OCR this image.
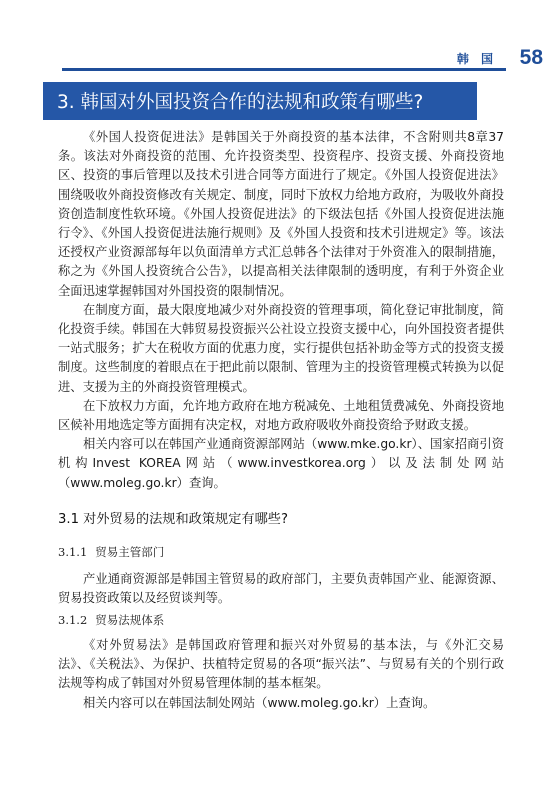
韩 国 58
3. 韩国对外国投资合作的法规和政策有哪些?

《外国人投资促进法》是韩国关于外商投资的基本法律，不含附则共8章37条。该法对外商投资的范围、允许投资类型、投资程序、投资支援、外商投资地区、投资的事后管理以及技术引进合同等方面进行了规定。《外国人投资促进法》围绕吸收外商投资修改有关规定、制度，同时下放权力给地方政府，为吸收外商投资创造制度性软环境。《外国人投资促进法》的下级法包括《外国人投资促进法施行令》、《外国人投资促进法施行规则》及《外国人投资和技术引进规定》等。该法还授权产业资源部每年以负面清单方式汇总韩各个法律对于外资准入的限制措施，称之为《外国人投资统合公告》，以提高相关法律限制的透明度，有利于外资企业全面迅速掌握韩国对外国投资的限制情况。

在制度方面，最大限度地减少对外商投资的管理事项，简化登记审批制度，简化投资手续。韩国在大韩贸易投资振兴公社设立投资支援中心，向外国投资者提供一站式服务；扩大在税收方面的优惠力度，实行提供包括补助金等方式的投资支援制度。这些制度的着眼点在于把此前以限制、管理为主的投资管理模式转换为以促进、支援为主的外商投资管理模式。

在下放权力方面，允许地方政府在地方税减免、土地租赁费减免、外商投资地区候补用地选定等方面拥有决定权，对地方政府吸收外商投资给予财政支援。

相关内容可以在韩国产业通商资源部网站（www.mke.go.kr）、国家招商引资机构Invest KOREA网站（www.investkorea.org）以及法制处网站（www.moleg.go.kr）查询。

3.1 对外贸易的法规和政策规定有哪些?
3.1.1 贸易主管部门

产业通商资源部是韩国主管贸易的政府部门，主要负责韩国产业、能源资源、贸易投资政策以及经贸谈判等。

3.1.2 贸易法规体系

《对外贸易法》是韩国政府管理和振兴对外贸易的基本法，与《外汇交易法》、《关税法》、为保护、扶植特定贸易的各项“振兴法”、与贸易有关的个别行政法规等构成了韩国对外贸易管理体制的基本框架。

相关内容可以在韩国法制处网站（www.moleg.go.kr）上查询。
